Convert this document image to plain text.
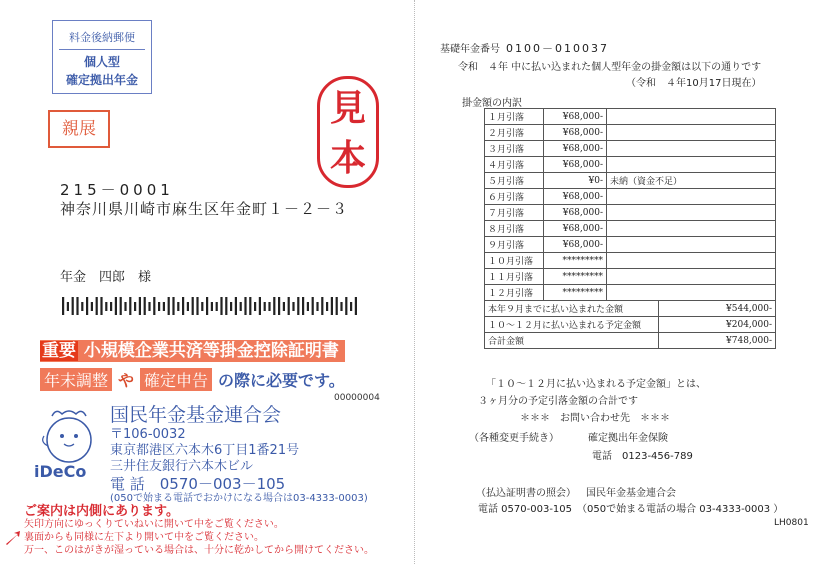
料金後納郵便
個人型
確定拠出年金
親展	見本
215－0001
神奈川県川崎市麻生区年金町１－２－３
年金　四郎　様
重要 小規模企業共済等掛金控除証明書
年末調整 や 確定申告 の際に必要です。
00000004
iDeCo
国民年金基金連合会
〒106-0032
東京都港区六本木6丁目1番21号
三井住友銀行六本木ビル
電 話　0570－003－105
(050で始まる電話でおかけになる場合は03-4333-0003)
ご案内は内側にあります。
矢印方向にゆっくりていねいに開いて中をご覧ください。
裏面からも同様に左下より開いて中をご覧ください。
万一、このはがきが湿っている場合は、十分に乾かしてから開けてください。
基礎年金番号 0100－010037
令和　４年 中に払い込まれた個人型年金の掛金額は以下の通りです
（令和　４年10月17日現在）
掛金額の内訳
１月引落	¥68,000-		
２月引落	¥68,000-		
３月引落	¥68,000-		
４月引落	¥68,000-		
５月引落	¥0-	未納（資金不足）	
６月引落	¥68,000-		
７月引落	¥68,000-		
８月引落	¥68,000-		
９月引落	¥68,000-		
１０月引落	*********		
１１月引落	*********		
１２月引落	*********		
本年９月までに払い込まれた金額			¥544,000-
１０～１２月に払い込まれる予定金額			¥204,000-
合計金額			¥748,000-
「１０～１２月に払い込まれる予定金額」とは、
３ヶ月分の予定引落金額の合計です
＊＊＊　お問い合わせ先　＊＊＊
（各種変更手続き）	確定拠出年金保険
電話　0123-456-789
（払込証明書の照会） 国民年金基金連合会
電話 0570-003-105　（050で始まる電話の場合 03-4333-0003 ）
LH0801
